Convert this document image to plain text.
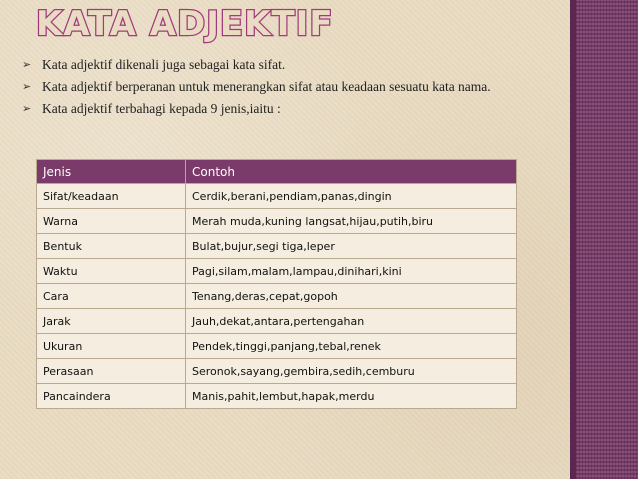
KATA ADJEKTIF
➢ Kata adjektif dikenali juga sebagai kata sifat.
➢ Kata adjektif berperanan untuk menerangkan sifat atau keadaan sesuatu kata nama.
➢ Kata adjektif terbahagi kepada 9 jenis,iaitu :
Jenis	Contoh
Sifat/keadaan	Cerdik,berani,pendiam,panas,dingin
Warna	Merah muda,kuning langsat,hijau,putih,biru
Bentuk	Bulat,bujur,segi tiga,leper
Waktu	Pagi,silam,malam,lampau,dinihari,kini
Cara	Tenang,deras,cepat,gopoh
Jarak	Jauh,dekat,antara,pertengahan
Ukuran	Pendek,tinggi,panjang,tebal,renek
Perasaan	Seronok,sayang,gembira,sedih,cemburu
Pancaindera	Manis,pahit,lembut,hapak,merdu
